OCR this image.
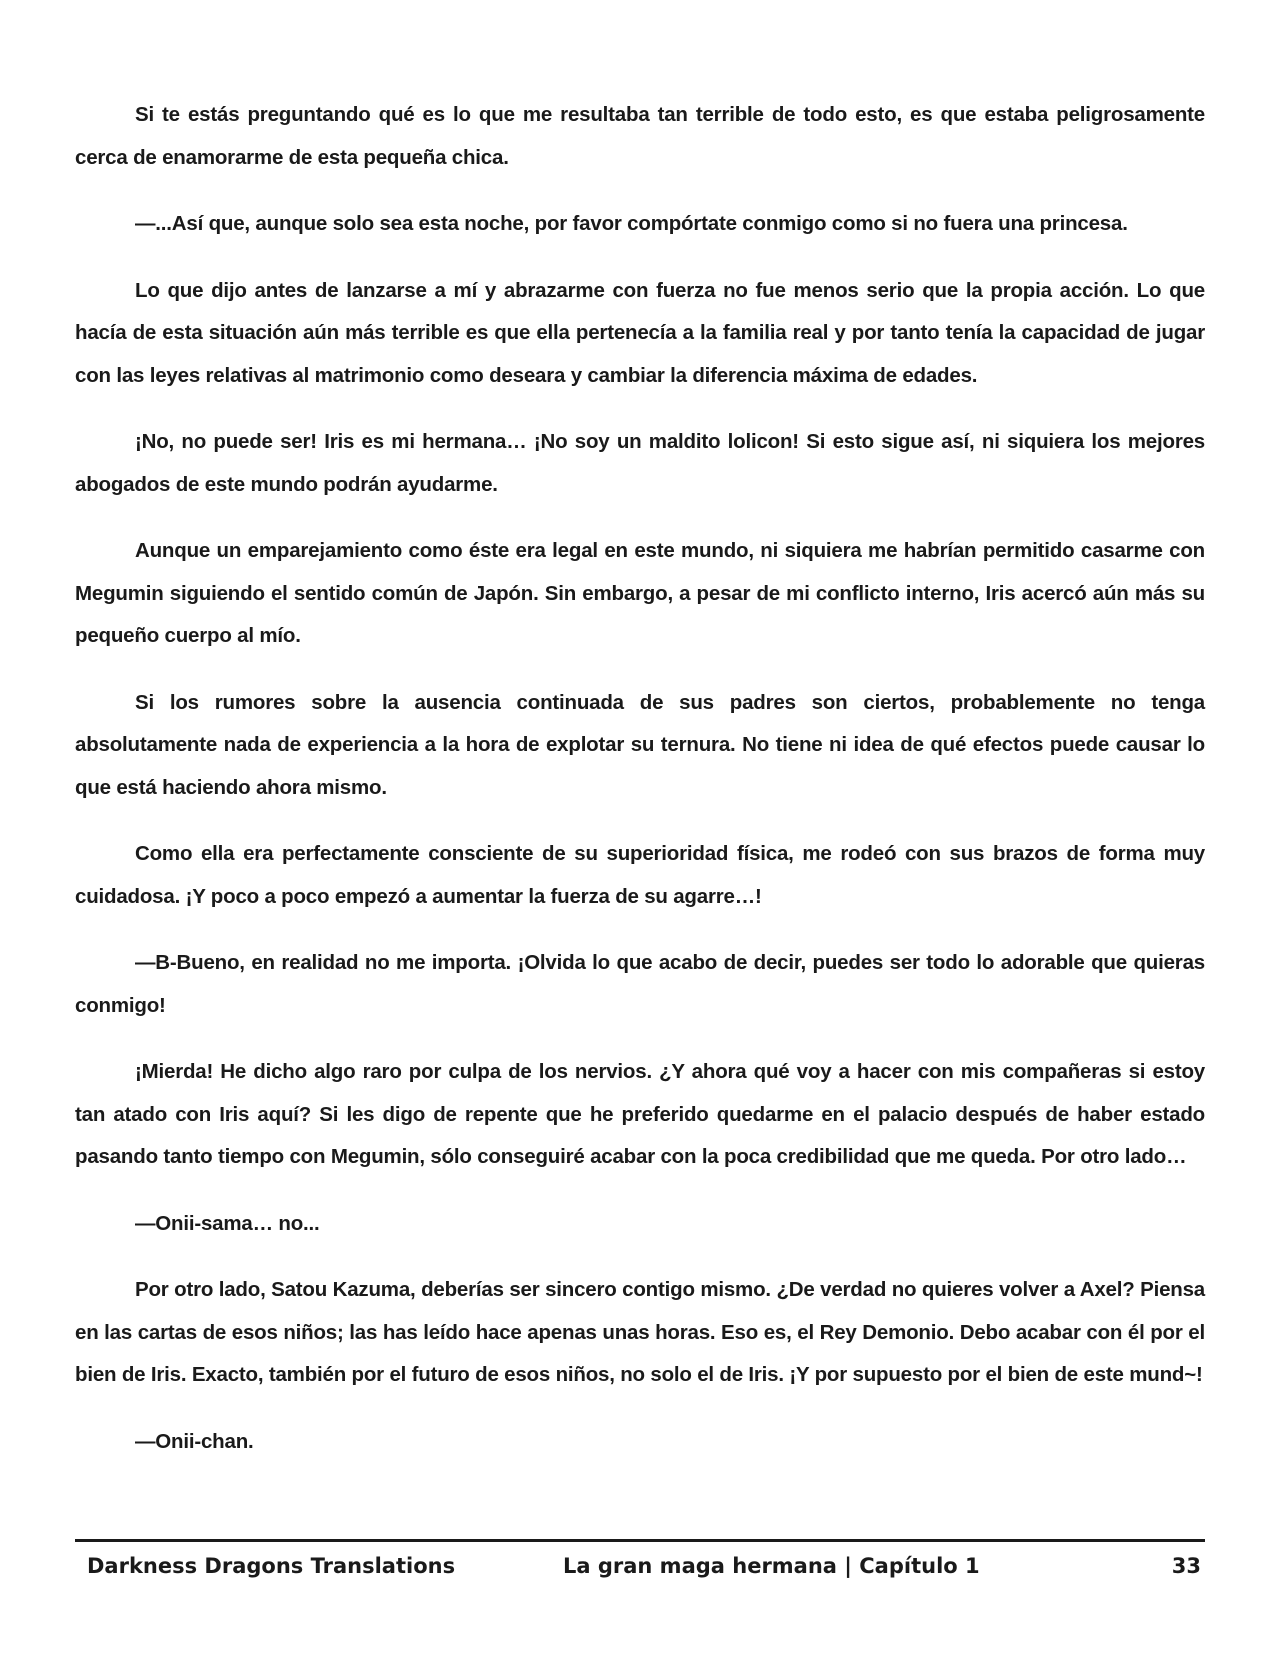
Si te estás preguntando qué es lo que me resultaba tan terrible de todo esto, es que estaba peligrosamente cerca de enamorarme de esta pequeña chica.

—...Así que, aunque solo sea esta noche, por favor compórtate conmigo como si no fuera una princesa.

Lo que dijo antes de lanzarse a mí y abrazarme con fuerza no fue menos serio que la propia acción. Lo que hacía de esta situación aún más terrible es que ella pertenecía a la familia real y por tanto tenía la capacidad de jugar con las leyes relativas al matrimonio como deseara y cambiar la diferencia máxima de edades.

¡No, no puede ser! Iris es mi hermana… ¡No soy un maldito lolicon! Si esto sigue así, ni siquiera los mejores abogados de este mundo podrán ayudarme.

Aunque un emparejamiento como éste era legal en este mundo, ni siquiera me habrían permitido casarme con Megumin siguiendo el sentido común de Japón. Sin embargo, a pesar de mi conflicto interno, Iris acercó aún más su pequeño cuerpo al mío.

Si los rumores sobre la ausencia continuada de sus padres son ciertos, probablemente no tenga absolutamente nada de experiencia a la hora de explotar su ternura. No tiene ni idea de qué efectos puede causar lo que está haciendo ahora mismo.

Como ella era perfectamente consciente de su superioridad física, me rodeó con sus brazos de forma muy cuidadosa. ¡Y poco a poco empezó a aumentar la fuerza de su agarre…!

—B-Bueno, en realidad no me importa. ¡Olvida lo que acabo de decir, puedes ser todo lo adorable que quieras conmigo!

¡Mierda! He dicho algo raro por culpa de los nervios. ¿Y ahora qué voy a hacer con mis compañeras si estoy tan atado con Iris aquí? Si les digo de repente que he preferido quedarme en el palacio después de haber estado pasando tanto tiempo con Megumin, sólo conseguiré acabar con la poca credibilidad que me queda. Por otro lado…

—Onii-sama… no...

Por otro lado, Satou Kazuma, deberías ser sincero contigo mismo. ¿De verdad no quieres volver a Axel? Piensa en las cartas de esos niños; las has leído hace apenas unas horas. Eso es, el Rey Demonio. Debo acabar con él por el bien de Iris. Exacto, también por el futuro de esos niños, no solo el de Iris. ¡Y por supuesto por el bien de este mund~!

—Onii-chan.

Darkness Dragons Translations	La gran maga hermana | Capítulo 1	33
